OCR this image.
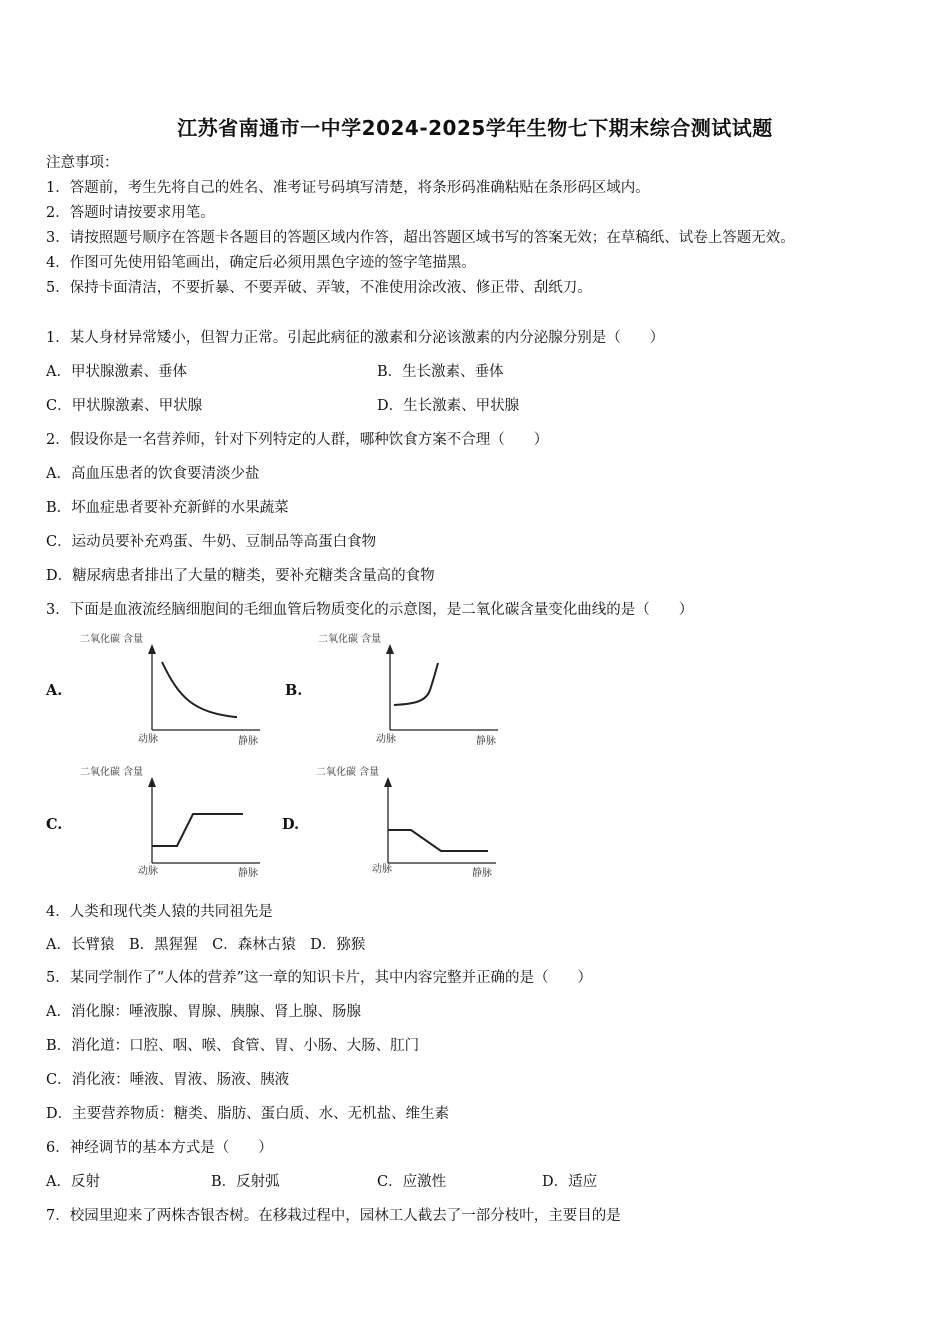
江苏省南通市一中学2024-2025学年生物七下期末综合测试试题
注意事项：
1．答题前，考生先将自己的姓名、准考证号码填写清楚，将条形码准确粘贴在条形码区域内。
2．答题时请按要求用笔。
3．请按照题号顺序在答题卡各题目的答题区域内作答，超出答题区域书写的答案无效；在草稿纸、试卷上答题无效。
4．作图可先使用铅笔画出，确定后必须用黑色字迹的签字笔描黑。
5．保持卡面清洁，不要折暴、不要弄破、弄皱，不准使用涂改液、修正带、刮纸刀。
1．某人身材异常矮小，但智力正常。引起此病征的激素和分泌该激素的内分泌腺分别是（　　）
A．甲状腺激素、垂体	B．生长激素、垂体
C．甲状腺激素、甲状腺	D．生长激素、甲状腺
2．假设你是一名营养师，针对下列特定的人群，哪种饮食方案不合理（　　）
A．高血压患者的饮食要清淡少盐
B．坏血症患者要补充新鲜的水果蔬菜
C．运动员要补充鸡蛋、牛奶、豆制品等高蛋白食物
D．糖尿病患者排出了大量的糖类，要补充糖类含量高的食物
3．下面是血液流经脑细胞间的毛细血管后物质变化的示意图，是二氧化碳含量变化曲线的是（　　）
A.
二氧化碳 含量
动脉	静脉
B.
二氧化碳 含量
动脉	静脉
C.
二氧化碳 含量
动脉	静脉
D.
二氧化碳 含量
动脉	静脉
4．人类和现代类人猿的共同祖先是
A．长臂猿　B．黑猩猩　C．森林古猿　D．猕猴
5．某同学制作了“人体的营养”这一章的知识卡片，其中内容完整并正确的是（　　）
A．消化腺：唾液腺、胃腺、胰腺、肾上腺、肠腺
B．消化道：口腔、咽、喉、食管、胃、小肠、大肠、肛门
C．消化液：唾液、胃液、肠液、胰液
D．主要营养物质：糖类、脂肪、蛋白质、水、无机盐、维生素
6．神经调节的基本方式是（　　）
A．反射	B．反射弧	C．应激性	D．适应
7．校园里迎来了两株杏银杏树。在移栽过程中，园林工人截去了一部分枝叶，主要目的是
